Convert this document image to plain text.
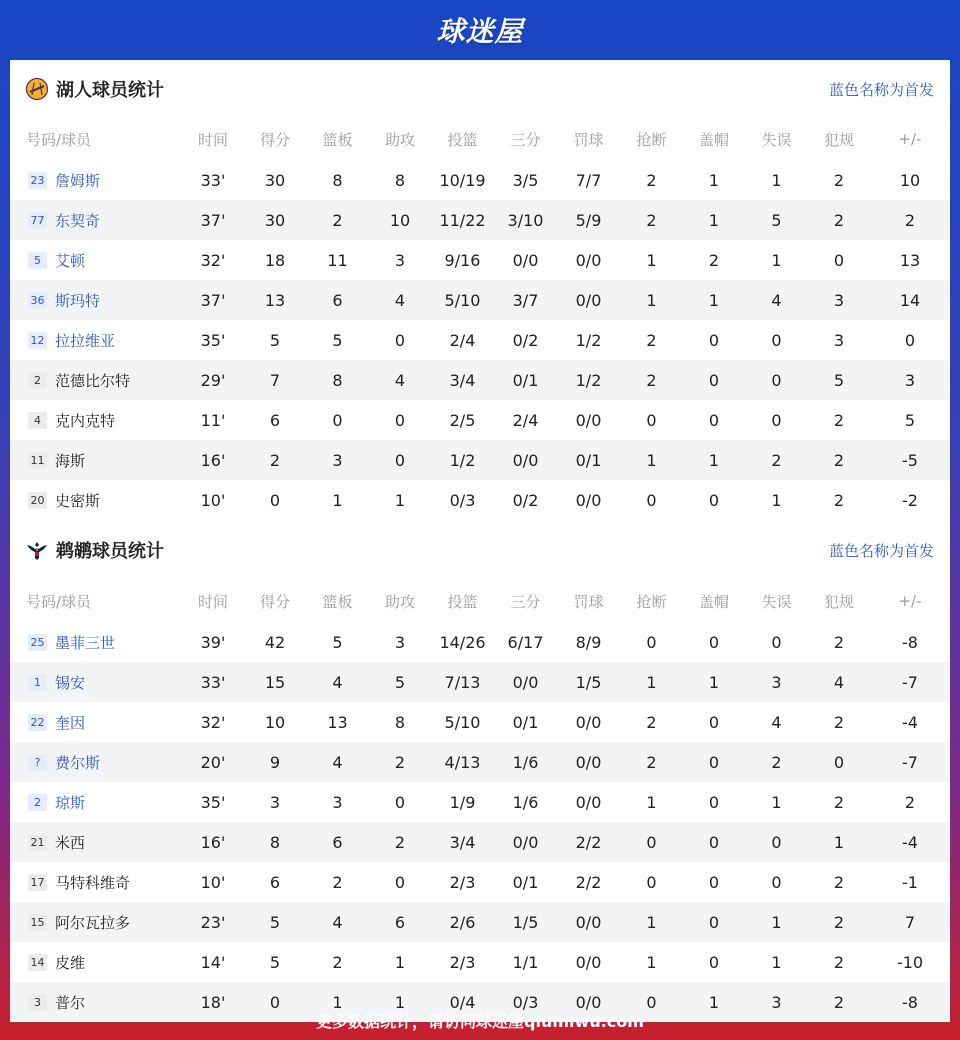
球迷屋
湖人球员统计	蓝色名称为首发
号码/球员	时间	得分	篮板	助攻	投篮	三分	罚球	抢断	盖帽	失误	犯规	+/-
23 詹姆斯	33'	30	8	8	10/19	3/5	7/7	2	1	1	2	10
77 东契奇	37'	30	2	10	11/22	3/10	5/9	2	1	5	2	2
5 艾顿	32'	18	11	3	9/16	0/0	0/0	1	2	1	0	13
36 斯玛特	37'	13	6	4	5/10	3/7	0/0	1	1	4	3	14
12 拉拉维亚	35'	5	5	0	2/4	0/2	1/2	2	0	0	3	0
2 范德比尔特	29'	7	8	4	3/4	0/1	1/2	2	0	0	5	3
4 克内克特	11'	6	0	0	2/5	2/4	0/0	0	0	0	2	5
11 海斯	16'	2	3	0	1/2	0/0	0/1	1	1	2	2	-5
20 史密斯	10'	0	1	1	0/3	0/2	0/0	0	0	1	2	-2
鹈鹕球员统计	蓝色名称为首发
号码/球员	时间	得分	篮板	助攻	投篮	三分	罚球	抢断	盖帽	失误	犯规	+/-
25 墨菲三世	39'	42	5	3	14/26	6/17	8/9	0	0	0	2	-8
1 锡安	33'	15	4	5	7/13	0/0	1/5	1	1	3	4	-7
22 奎因	32'	10	13	8	5/10	0/1	0/0	2	0	4	2	-4
? 费尔斯	20'	9	4	2	4/13	1/6	0/0	2	0	2	0	-7
2 琼斯	35'	3	3	0	1/9	1/6	0/0	1	0	1	2	2
21 米西	16'	8	6	2	3/4	0/0	2/2	0	0	0	1	-4
17 马特科维奇	10'	6	2	0	2/3	0/1	2/2	0	0	0	2	-1
15 阿尔瓦拉多	23'	5	4	6	2/6	1/5	0/0	1	0	1	2	7
14 皮维	14'	5	2	1	2/3	1/1	0/0	1	0	1	2	-10
3 普尔	18'	0	1	1	0/4	0/3	0/0	0	1	3	2	-8
更多数据统计，请访问球迷屋qiumiwu.com
